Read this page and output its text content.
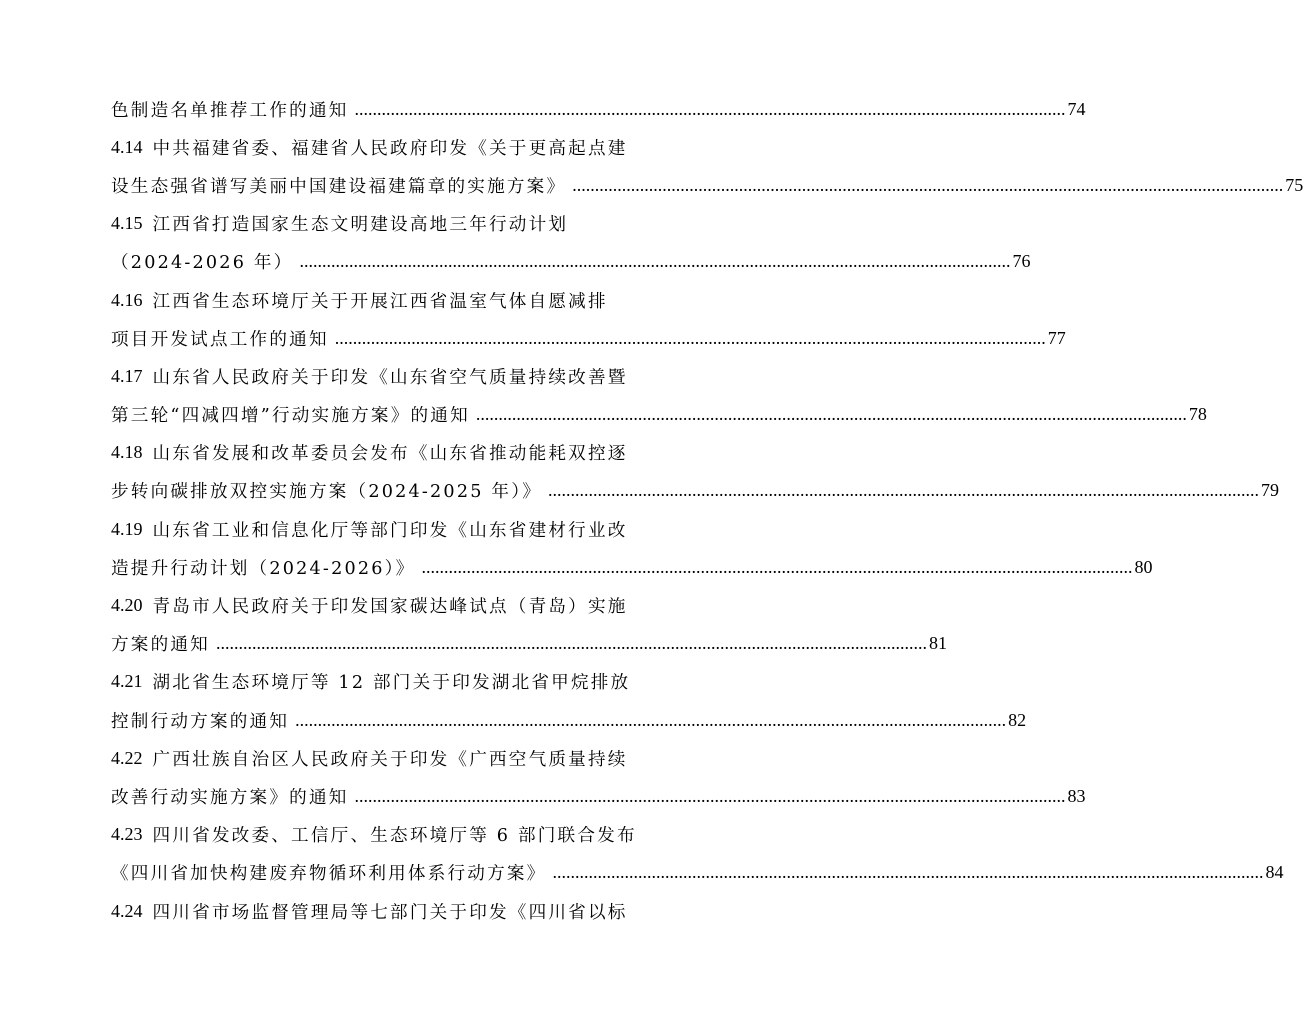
色制造名单推荐工作的通知 .....	74
4.14 中共福建省委、福建省人民政府印发《关于更高起点建
设生态强省谱写美丽中国建设福建篇章的实施方案》 .....	75
4.15 江西省打造国家生态文明建设高地三年行动计划
（2024-2026 年） .....	76
4.16 江西省生态环境厅关于开展江西省温室气体自愿减排
项目开发试点工作的通知 .....	77
4.17 山东省人民政府关于印发《山东省空气质量持续改善暨
第三轮“四减四增”行动实施方案》的通知 .....	78
4.18 山东省发展和改革委员会发布《山东省推动能耗双控逐
步转向碳排放双控实施方案（2024-2025 年）》 .....	79
4.19 山东省工业和信息化厅等部门印发《山东省建材行业改
造提升行动计划（2024-2026）》 .....	80
4.20 青岛市人民政府关于印发国家碳达峰试点（青岛）实施
方案的通知 .....	81
4.21 湖北省生态环境厅等 12 部门关于印发湖北省甲烷排放
控制行动方案的通知 .....	82
4.22 广西壮族自治区人民政府关于印发《广西空气质量持续
改善行动实施方案》的通知 .....	83
4.23 四川省发改委、工信厅、生态环境厅等 6 部门联合发布
《四川省加快构建废弃物循环利用体系行动方案》 .....	84
4.24 四川省市场监督管理局等七部门关于印发《四川省以标
